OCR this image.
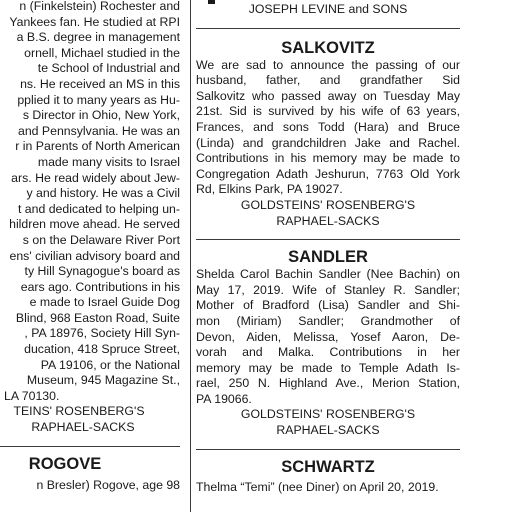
n (Finkelstein) Rochester and
Yankees fan. He studied at RPI
a B.S. degree in management
ornell, Michael studied in the
te School of Industrial and
ns. He received an MS in this
pplied it to many years as Hu-
s Director in Ohio, New York,
and Pennsylvania. He was an
r in Parents of North American
made many visits to Israel
ars. He read widely about Jew-
y and history. He was a Civil
t and dedicated to helping un-
hildren move ahead. He served
s on the Delaware River Port
ens' civilian advisory board and
ty Hill Synagogue's board as
ears ago. Contributions in his
e made to Israel Guide Dog
Blind, 968 Easton Road, Suite
, PA 18976, Society Hill Syn-
ducation, 418 Spruce Street,
PA 19106, or the National
Museum, 945 Magazine St.,
LA 70130.
TEINS' ROSENBERG'S
RAPHAEL-SACKS
ROGOVE
n Bresler) Rogove, age 98
JOSEPH LEVINE and SONS
SALKOVITZ
We are sad to announce the passing of our
husband, father, and grandfather Sid
Salkovitz who passed away on Tuesday May
21st. Sid is survived by his wife of 63 years,
Frances, and sons Todd (Hara) and Bruce
(Linda) and grandchildren Jake and Rachel.
Contributions in his memory may be made to
Congregation Adath Jeshurun, 7763 Old York
Rd, Elkins Park, PA 19027.
GOLDSTEINS' ROSENBERG'S
RAPHAEL-SACKS
SANDLER
Shelda Carol Bachin Sandler (Nee Bachin) on
May 17, 2019. Wife of Stanley R. Sandler;
Mother of Bradford (Lisa) Sandler and Shi-
mon (Miriam) Sandler; Grandmother of
Devon, Aiden, Melissa, Yosef Aaron, De-
vorah and Malka. Contributions in her
memory may be made to Temple Adath Is-
rael, 250 N. Highland Ave., Merion Station,
PA 19066.
GOLDSTEINS' ROSENBERG'S
RAPHAEL-SACKS
SCHWARTZ
Thelma “Temi” (nee Diner) on April 20, 2019.
